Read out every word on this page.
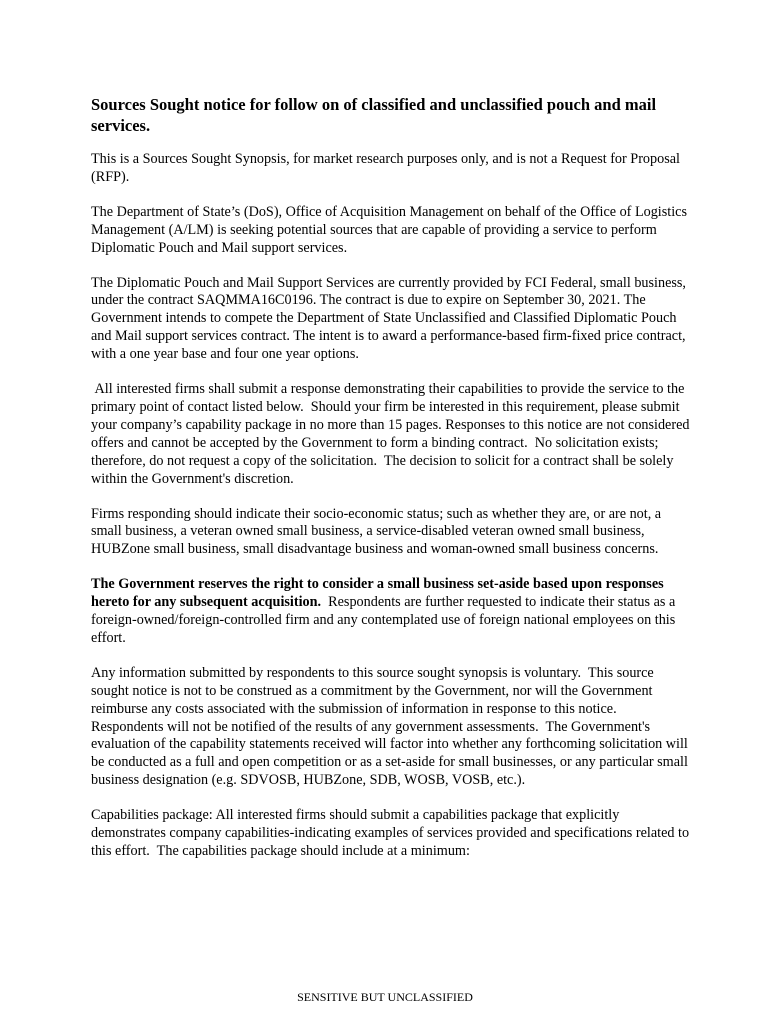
Sources Sought notice for follow on of classified and unclassified pouch and mail services.

This is a Sources Sought Synopsis, for market research purposes only, and is not a Request for Proposal (RFP).

The Department of State’s (DoS), Office of Acquisition Management on behalf of the Office of Logistics Management (A/LM) is seeking potential sources that are capable of providing a service to perform Diplomatic Pouch and Mail support services.

The Diplomatic Pouch and Mail Support Services are currently provided by FCI Federal, small business, under the contract SAQMMA16C0196. The contract is due to expire on September 30, 2021. The Government intends to compete the Department of State Unclassified and Classified Diplomatic Pouch and Mail support services contract. The intent is to award a performance-based firm-fixed price contract, with a one year base and four one year options.

All interested firms shall submit a response demonstrating their capabilities to provide the service to the primary point of contact listed below.  Should your firm be interested in this requirement, please submit your company’s capability package in no more than 15 pages. Responses to this notice are not considered offers and cannot be accepted by the Government to form a binding contract.  No solicitation exists; therefore, do not request a copy of the solicitation.  The decision to solicit for a contract shall be solely within the Government's discretion.

Firms responding should indicate their socio-economic status; such as whether they are, or are not, a small business, a veteran owned small business, a service-disabled veteran owned small business, HUBZone small business, small disadvantage business and woman-owned small business concerns.

The Government reserves the right to consider a small business set-aside based upon responses hereto for any subsequent acquisition.  Respondents are further requested to indicate their status as a foreign-owned/foreign-controlled firm and any contemplated use of foreign national employees on this effort.

Any information submitted by respondents to this source sought synopsis is voluntary.  This source sought notice is not to be construed as a commitment by the Government, nor will the Government reimburse any costs associated with the submission of information in response to this notice.  Respondents will not be notified of the results of any government assessments.  The Government's evaluation of the capability statements received will factor into whether any forthcoming solicitation will be conducted as a full and open competition or as a set-aside for small businesses, or any particular small business designation (e.g. SDVOSB, HUBZone, SDB, WOSB, VOSB, etc.).

Capabilities package: All interested firms should submit a capabilities package that explicitly demonstrates company capabilities-indicating examples of services provided and specifications related to this effort.  The capabilities package should include at a minimum:

SENSITIVE BUT UNCLASSIFIED
